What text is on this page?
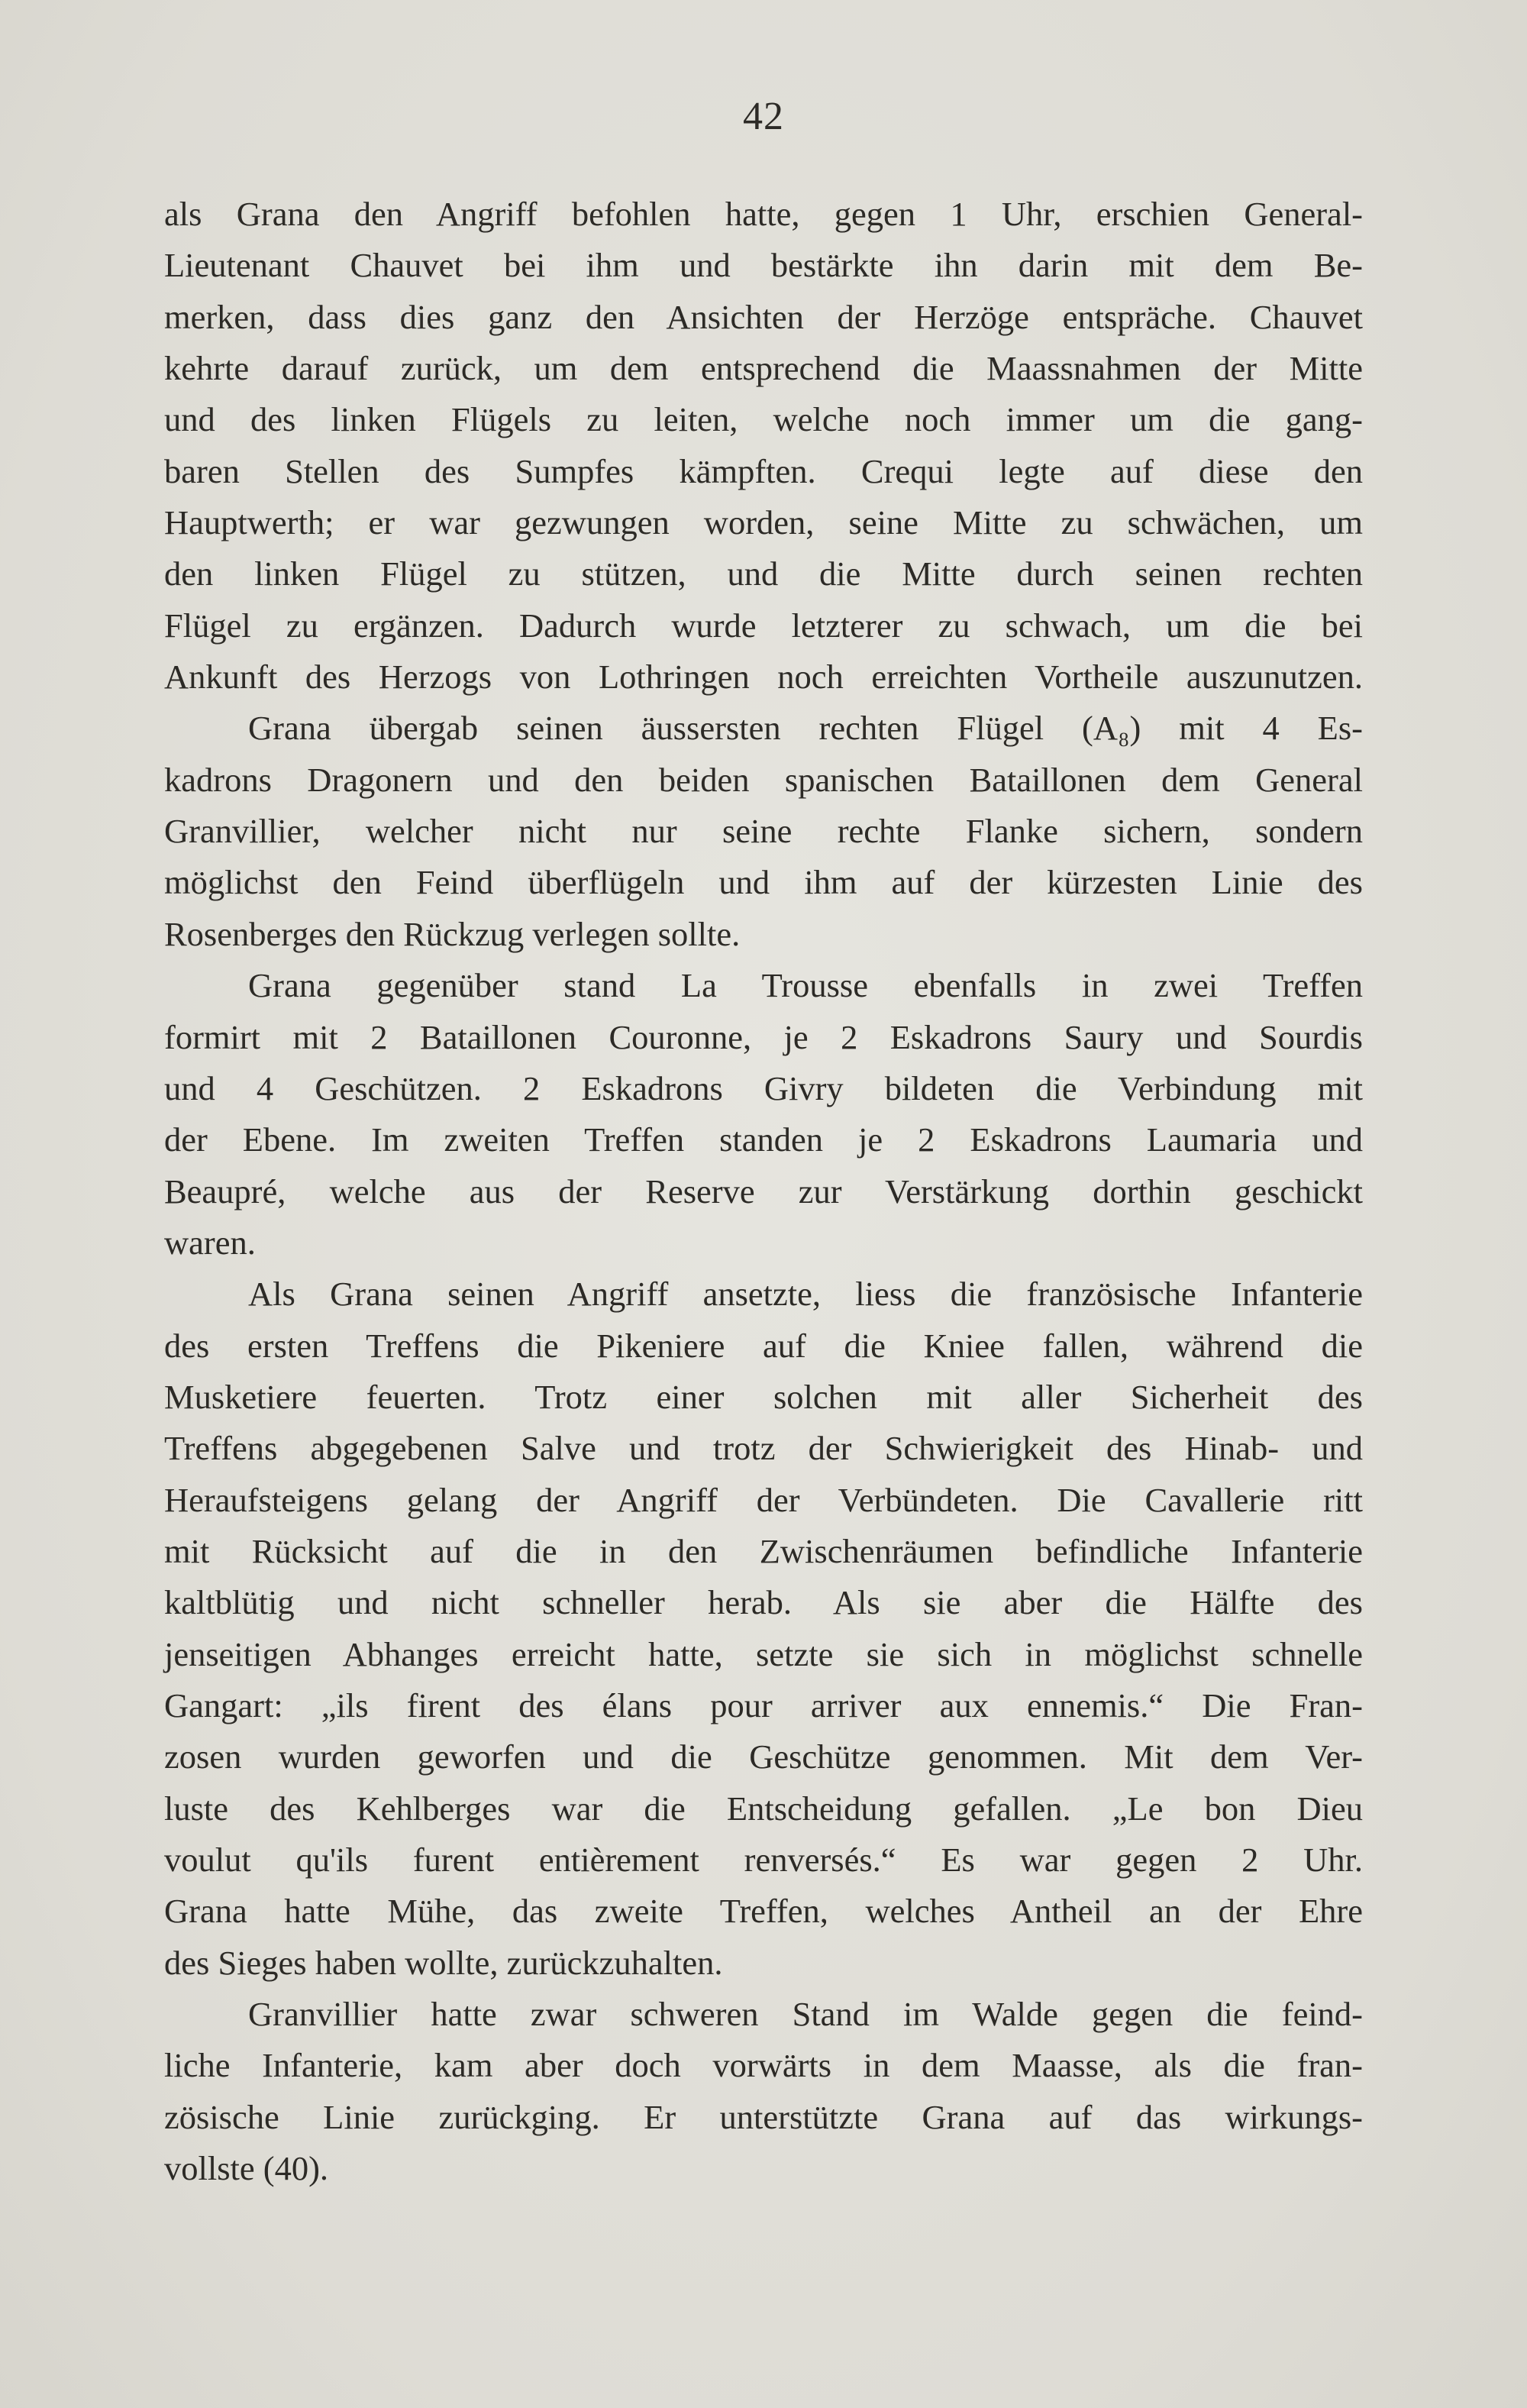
42
als Grana den Angriff befohlen hatte, gegen 1 Uhr, erschien General-
Lieutenant Chauvet bei ihm und bestärkte ihn darin mit dem Be-
merken, dass dies ganz den Ansichten der Herzöge entspräche. Chauvet
kehrte darauf zurück, um dem entsprechend die Maassnahmen der Mitte
und des linken Flügels zu leiten, welche noch immer um die gang-
baren Stellen des Sumpfes kämpften. Crequi legte auf diese den
Hauptwerth; er war gezwungen worden, seine Mitte zu schwächen, um
den linken Flügel zu stützen, und die Mitte durch seinen rechten
Flügel zu ergänzen. Dadurch wurde letzterer zu schwach, um die bei
Ankunft des Herzogs von Lothringen noch erreichten Vortheile auszunutzen.
Grana übergab seinen äussersten rechten Flügel (A₈) mit 4 Es-
kadrons Dragonern und den beiden spanischen Bataillonen dem General
Granvillier, welcher nicht nur seine rechte Flanke sichern, sondern
möglichst den Feind überflügeln und ihm auf der kürzesten Linie des
Rosenberges den Rückzug verlegen sollte.
Grana gegenüber stand La Trousse ebenfalls in zwei Treffen
formirt mit 2 Bataillonen Couronne, je 2 Eskadrons Saury und Sourdis
und 4 Geschützen. 2 Eskadrons Givry bildeten die Verbindung mit
der Ebene. Im zweiten Treffen standen je 2 Eskadrons Laumaria und
Beaupré, welche aus der Reserve zur Verstärkung dorthin geschickt
waren.
Als Grana seinen Angriff ansetzte, liess die französische Infanterie
des ersten Treffens die Pikeniere auf die Kniee fallen, während die
Musketiere feuerten. Trotz einer solchen mit aller Sicherheit des
Treffens abgegebenen Salve und trotz der Schwierigkeit des Hinab- und
Heraufsteigens gelang der Angriff der Verbündeten. Die Cavallerie ritt
mit Rücksicht auf die in den Zwischenräumen befindliche Infanterie
kaltblütig und nicht schneller herab. Als sie aber die Hälfte des
jenseitigen Abhanges erreicht hatte, setzte sie sich in möglichst schnelle
Gangart: „ils firent des élans pour arriver aux ennemis.“ Die Fran-
zosen wurden geworfen und die Geschütze genommen. Mit dem Ver-
luste des Kehlberges war die Entscheidung gefallen. „Le bon Dieu
voulut qu'ils furent entièrement renversés.“ Es war gegen 2 Uhr.
Grana hatte Mühe, das zweite Treffen, welches Antheil an der Ehre
des Sieges haben wollte, zurückzuhalten.
Granvillier hatte zwar schweren Stand im Walde gegen die feind-
liche Infanterie, kam aber doch vorwärts in dem Maasse, als die fran-
zösische Linie zurückging. Er unterstützte Grana auf das wirkungs-
vollste (40).
